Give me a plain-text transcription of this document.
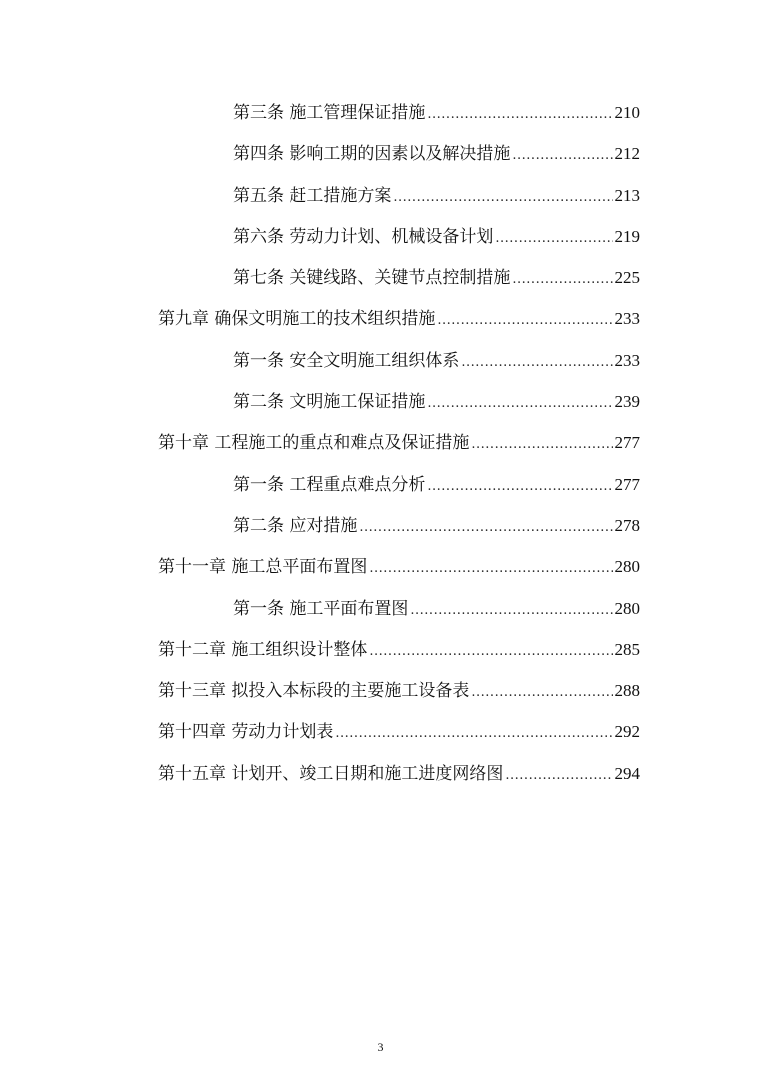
第三条 施工管理保证措施 .....	210
第四条 影响工期的因素以及解决措施 .....	212
第五条 赶工措施方案 .....	213
第六条 劳动力计划、机械设备计划 .....	219
第七条 关键线路、关键节点控制措施 .....	225
第九章 确保文明施工的技术组织措施 .....	233
第一条 安全文明施工组织体系 .....	233
第二条 文明施工保证措施 .....	239
第十章 工程施工的重点和难点及保证措施 .....	277
第一条 工程重点难点分析 .....	277
第二条 应对措施 .....	278
第十一章 施工总平面布置图 .....	280
第一条 施工平面布置图 .....	280
第十二章 施工组织设计整体 .....	285
第十三章 拟投入本标段的主要施工设备表 .....	288
第十四章 劳动力计划表 .....	292
第十五章 计划开、竣工日期和施工进度网络图 .....	294
3
